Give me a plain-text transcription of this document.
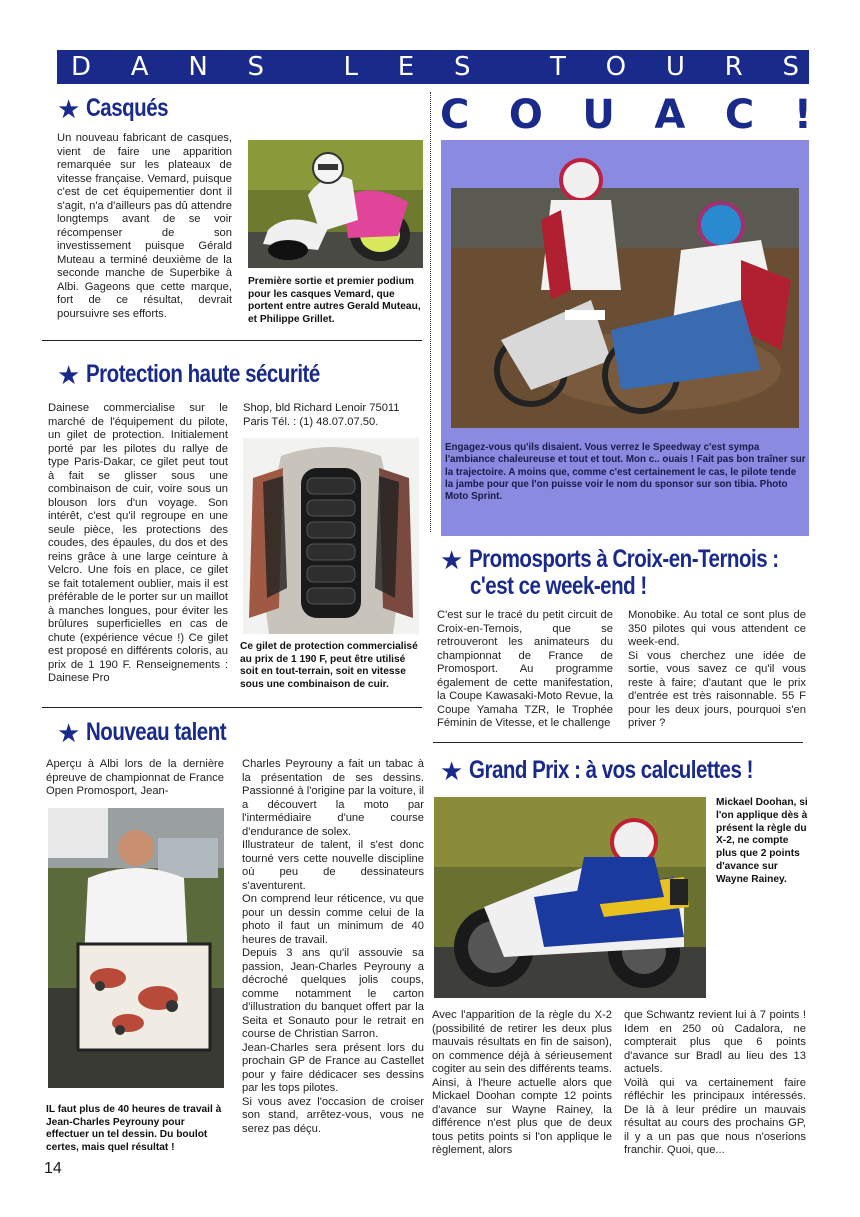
D A N S	L E S	T O U R S
C O U A C !
★ Casqués
Un nouveau fabricant de casques, vient de faire une apparition remarquée sur les plateaux de vitesse française. Vemard, puisque c'est de cet équipementier dont il s'agit, n'a d'ailleurs pas dû attendre longtemps avant de se voir récompenser de son investissement puisque Gérald Muteau a terminé deuxième de la seconde manche de Superbike à Albi. Gageons que cette marque, fort de ce résultat, devrait poursuivre ses efforts.
Première sortie et premier podium pour les casques Vemard, que portent entre autres Gerald Muteau, et Philippe Grillet.
★ Protection haute sécurité
Dainese commercialise sur le marché de l'équipement du pilote, un gilet de protection. Initialement porté par les pilotes du rallye de type Paris-Dakar, ce gilet peut tout à fait se glisser sous une combinaison de cuir, voire sous un blouson lors d'un voyage. Son intérêt, c'est qu'il regroupe en une seule pièce, les protections des coudes, des épaules, du dos et des reins grâce à une large ceinture à Velcro. Une fois en place, ce gilet se fait totalement oublier, mais il est préférable de le porter sur un maillot à manches longues, pour éviter les brûlures superficielles en cas de chute (expérience vécue !) Ce gilet est proposé en différents coloris, au prix de 1 190 F. Renseignements : Dainese Pro
Shop, bld Richard Lenoir 75011 Paris Tél. : (1) 48.07.07.50.
Ce gilet de protection commercialisé au prix de 1 190 F, peut être utilisé soit en tout-terrain, soit en vitesse sous une combinaison de cuir.
★ Nouveau talent
Aperçu à Albi lors de la dernière épreuve de championnat de France Open Promosport, Jean-
IL faut plus de 40 heures de travail à Jean-Charles Peyrouny pour effectuer un tel dessin. Du boulot certes, mais quel résultat !
Charles Peyrouny a fait un tabac à la présentation de ses dessins. Passionné à l'origine par la voiture, il a découvert la moto par l'intermédiaire d'une course d'endurance de solex.
Illustrateur de talent, il s'est donc tourné vers cette nouvelle discipline où peu de dessinateurs s'aventurent.
On comprend leur réticence, vu que pour un dessin comme celui de la photo il faut un minimum de 40 heures de travail.
Depuis 3 ans qu'il assouvie sa passion, Jean-Charles Peyrouny a décroché quelques jolis coups, comme notamment le carton d'illustration du banquet offert par la Seita et Sonauto pour le retrait en course de Christian Sarron.
Jean-Charles sera présent lors du prochain GP de France au Castellet pour y faire dédicacer ses dessins par les tops pilotes.
Si vous avez l'occasion de croiser son stand, arrêtez-vous, vous ne serez pas déçu.
Engagez-vous qu'ils disaient. Vous verrez le Speedway c'est sympa l'ambiance chaleureuse et tout et tout. Mon c.. ouais ! Fait pas bon traîner sur la trajectoire. A moins que, comme c'est certainement le cas, le pilote tende la jambe pour que l'on puisse voir le nom du sponsor sur son tibia. Photo Moto Sprint.
★ Promosports à Croix-en-Ternois :
c'est ce week-end !
C'est sur le tracé du petit circuit de Croix-en-Ternois, que se retrouveront les animateurs du championnat de France de Promosport. Au programme également de cette manifestation, la Coupe Kawasaki-Moto Revue, la Coupe Yamaha TZR, le Trophée Féminin de Vitesse, et le challenge
Monobike. Au total ce sont plus de 350 pilotes qui vous attendent ce week-end.
Si vous cherchez une idée de sortie, vous savez ce qu'il vous reste à faire; d'autant que le prix d'entrée est très raisonnable. 55 F pour les deux jours, pourquoi s'en priver ?
★ Grand Prix : à vos calculettes !
Mickael Doohan, si l'on applique dès à présent la règle du X-2, ne compte plus que 2 points d'avance sur Wayne Rainey.
Avec l'apparition de la règle du X-2 (possibilité de retirer les deux plus mauvais résultats en fin de saison), on commence déjà à sérieusement cogiter au sein des différents teams. Ainsi, à l'heure actuelle alors que Mickael Doohan compte 12 points d'avance sur Wayne Rainey, la différence n'est plus que de deux tous petits points si l'on applique le règlement, alors
que Schwantz revient lui à 7 points ! Idem en 250 où Cadalora, ne compterait plus que 6 points d'avance sur Bradl au lieu des 13 actuels.
Voilà qui va certainement faire réfléchir les principaux intéressés. De là à leur prédire un mauvais résultat au cours des prochains GP, il y a un pas que nous n'oserions franchir. Quoi, que...
14
